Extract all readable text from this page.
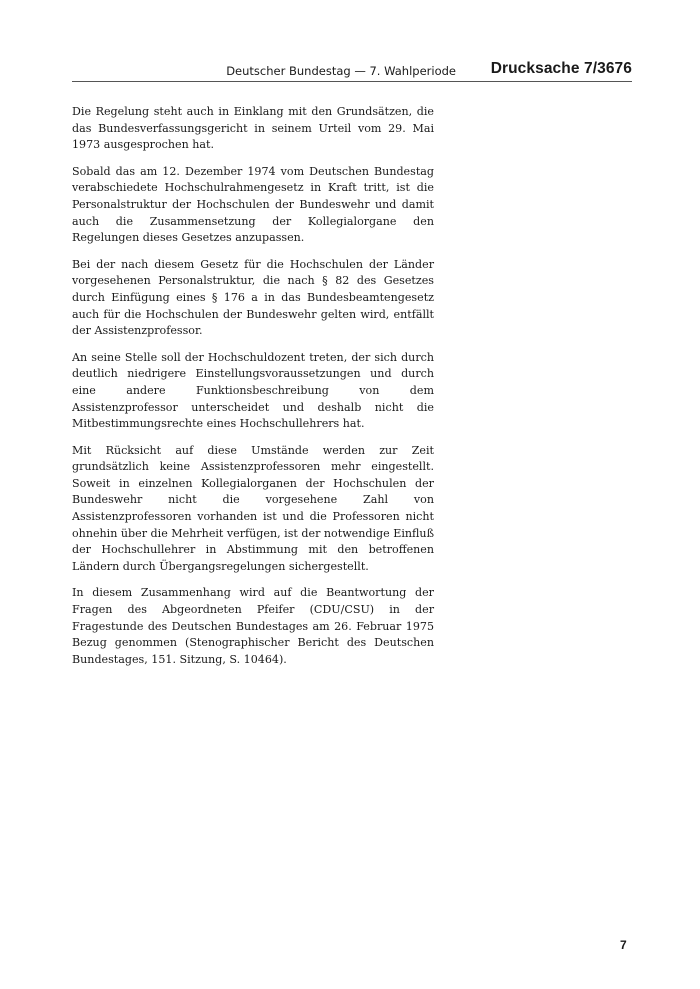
Deutscher Bundestag — 7. Wahlperiode	Drucksache 7/3676

Die Regelung steht auch in Einklang mit den Grundsätzen, die das Bundesverfassungsgericht in seinem Urteil vom 29. Mai 1973 ausgesprochen hat.

Sobald das am 12. Dezember 1974 vom Deutschen Bundestag verabschiedete Hochschulrahmengesetz in Kraft tritt, ist die Personalstruktur der Hochschulen der Bundeswehr und damit auch die Zusammensetzung der Kollegialorgane den Regelungen dieses Gesetzes anzupassen.

Bei der nach diesem Gesetz für die Hochschulen der Länder vorgesehenen Personalstruktur, die nach § 82 des Gesetzes durch Einfügung eines § 176 a in das Bundesbeamtengesetz auch für die Hochschulen der Bundeswehr gelten wird, entfällt der Assistenzprofessor.

An seine Stelle soll der Hochschuldozent treten, der sich durch deutlich niedrigere Einstellungsvoraussetzungen und durch eine andere Funktionsbeschreibung von dem Assistenzprofessor unterscheidet und deshalb nicht die Mitbestimmungsrechte eines Hochschullehrers hat.

Mit Rücksicht auf diese Umstände werden zur Zeit grundsätzlich keine Assistenzprofessoren mehr eingestellt. Soweit in einzelnen Kollegialorganen der Hochschulen der Bundeswehr nicht die vorgesehene Zahl von Assistenzprofessoren vorhanden ist und die Professoren nicht ohnehin über die Mehrheit verfügen, ist der notwendige Einfluß der Hochschullehrer in Abstimmung mit den betroffenen Ländern durch Übergangsregelungen sichergestellt.

In diesem Zusammenhang wird auf die Beantwortung der Fragen des Abgeordneten Pfeifer (CDU/CSU) in der Fragestunde des Deutschen Bundestages am 26. Februar 1975 Bezug genommen (Stenographischer Bericht des Deutschen Bundestages, 151. Sitzung, S. 10464).

7
